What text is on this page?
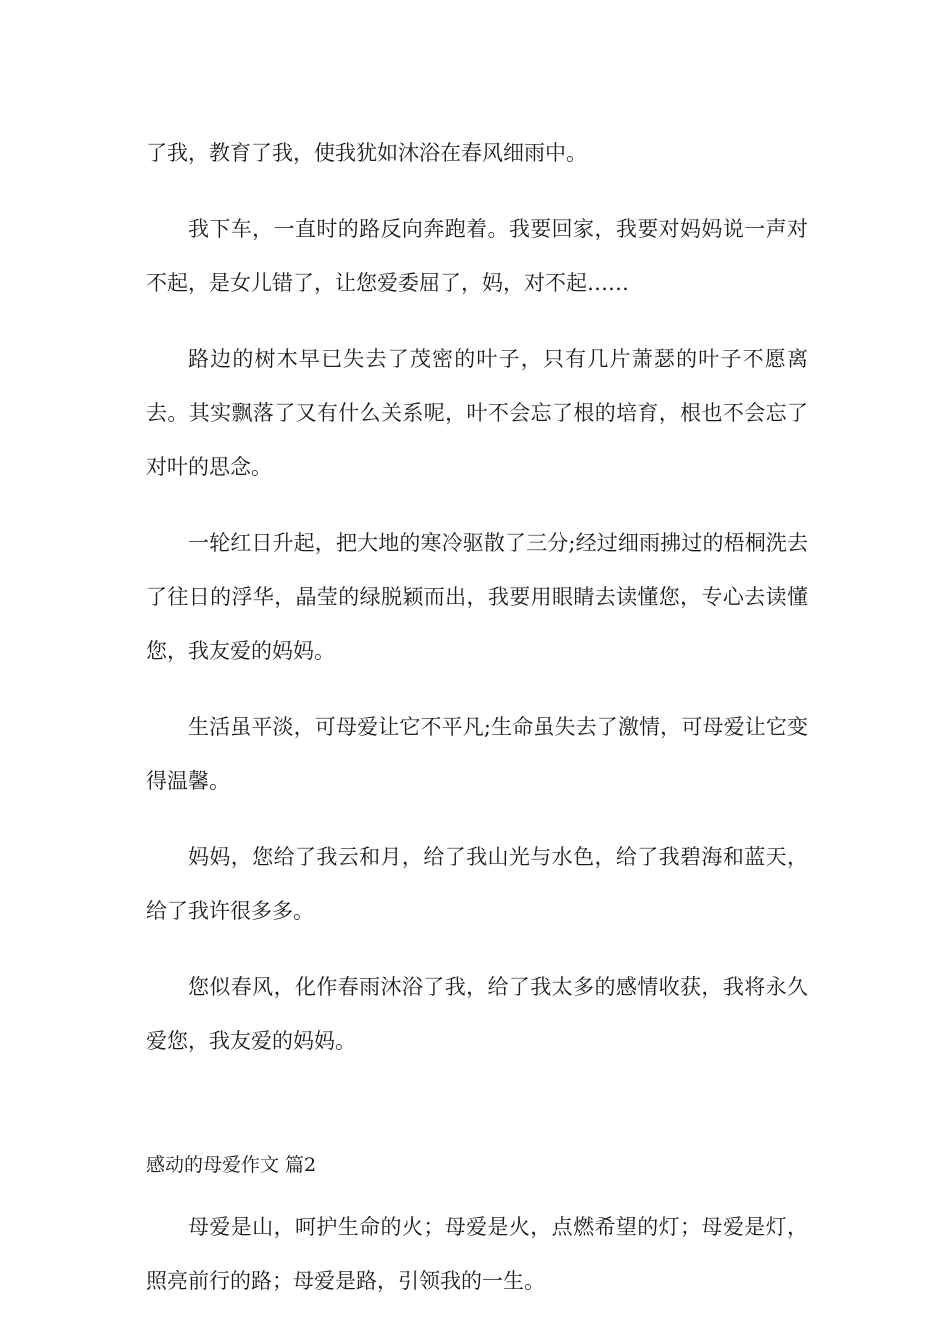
了我，教育了我，使我犹如沐浴在春风细雨中。

我下车，一直时的路反向奔跑着。我要回家，我要对妈妈说一声对不起，是女儿错了，让您爱委屈了，妈，对不起……

路边的树木早已失去了茂密的叶子，只有几片萧瑟的叶子不愿离去。其实飘落了又有什么关系呢，叶不会忘了根的培育，根也不会忘了对叶的思念。

一轮红日升起，把大地的寒冷驱散了三分;经过细雨拂过的梧桐洗去了往日的浮华，晶莹的绿脱颖而出，我要用眼睛去读懂您，专心去读懂您，我友爱的妈妈。

生活虽平淡，可母爱让它不平凡;生命虽失去了激情，可母爱让它变得温馨。

妈妈，您给了我云和月，给了我山光与水色，给了我碧海和蓝天，给了我许很多多。

您似春风，化作春雨沐浴了我，给了我太多的感情收获，我将永久爱您，我友爱的妈妈。

感动的母爱作文 篇2

母爱是山，呵护生命的火；母爱是火，点燃希望的灯；母爱是灯，照亮前行的路；母爱是路，引领我的一生。
